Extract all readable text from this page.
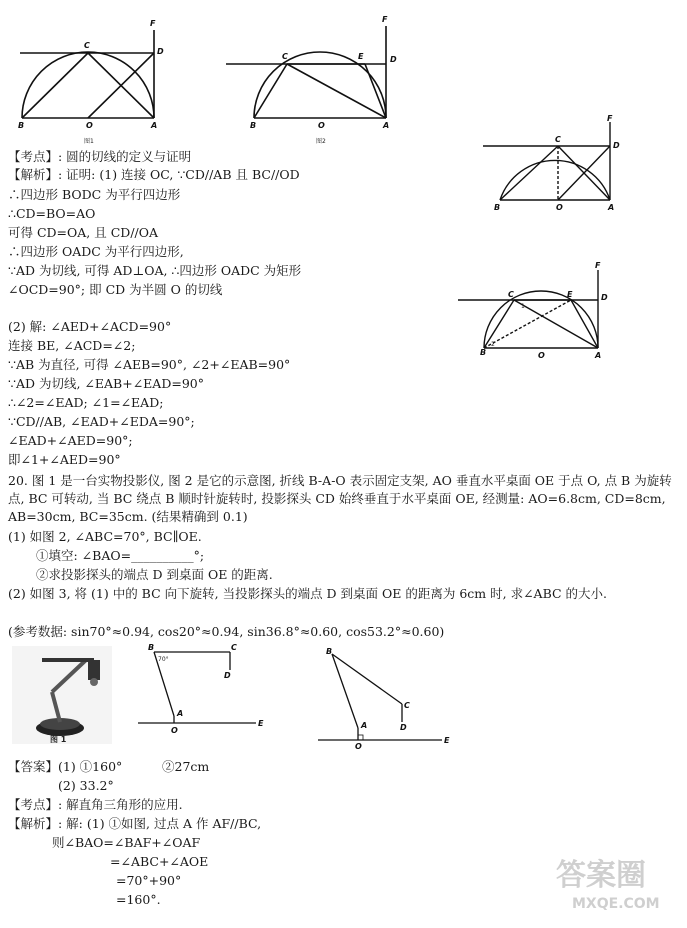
C
F
D
B	O	A
图1
C	E
F
D
B	O	A
图2	C
F
D
B	O	A
C	E
F
D
B	O	A
1
2
【考点】: 圆的切线的定义与证明
【解析】: 证明: (1) 连接 OC, ∵CD//AB 且 BC//OD
∴四边形 BODC 为平行四边形
∴CD=BO=AO
可得 CD=OA, 且 CD//OA
∴四边形 OADC 为平行四边形,
∵AD 为切线, 可得 AD⊥OA, ∴四边形 OADC 为矩形
∠OCD=90°; 即 CD 为半圆 O 的切线
(2) 解: ∠AED+∠ACD=90°
连接 BE, ∠ACD=∠2;
∵AB 为直径, 可得 ∠AEB=90°, ∠2+∠EAB=90°
∵AD 为切线, ∠EAB+∠EAD=90°
∴∠2=∠EAD; ∠1=∠EAD;
∵CD//AB, ∠EAD+∠EDA=90°;
∠EAD+∠AED=90°;
即∠1+∠AED=90°
20. 图 1 是一台实物投影仪, 图 2 是它的示意图, 折线 B-A-O 表示固定支架, AO 垂直水平桌面 OE 于点 O, 点 B 为旋转点, BC 可转动, 当 BC 绕点 B 顺时针旋转时, 投影探头 CD 始终垂直于水平桌面 OE, 经测量: AO=6.8cm, CD=8cm, AB=30cm, BC=35cm. (结果精确到 0.1)
(1) 如图 2, ∠ABC=70°, BC∥OE.
①填空: ∠BAO=__________°;
②求投影探头的端点 D 到桌面 OE 的距离.
(2) 如图 3, 将 (1) 中的 BC 向下旋转, 当投影探头的端点 D 到桌面 OE 的距离为 6cm 时, 求∠ABC 的大小.
(参考数据: sin70°≈0.94, cos20°≈0.94, sin36.8°≈0.60, cos53.2°≈0.60)
图 1
B
70°
C
D
A
O
E
B
C
D
A
O
E
【答案】(1) ①160°          ②27cm
(2) 33.2°
【考点】: 解直角三角形的应用.
【解析】: 解: (1) ①如图, 过点 A 作 AF//BC,
则∠BAO=∠BAF+∠OAF
=∠ABC+∠AOE
=70°+90°
=160°.
答案圈
MXQE.COM
